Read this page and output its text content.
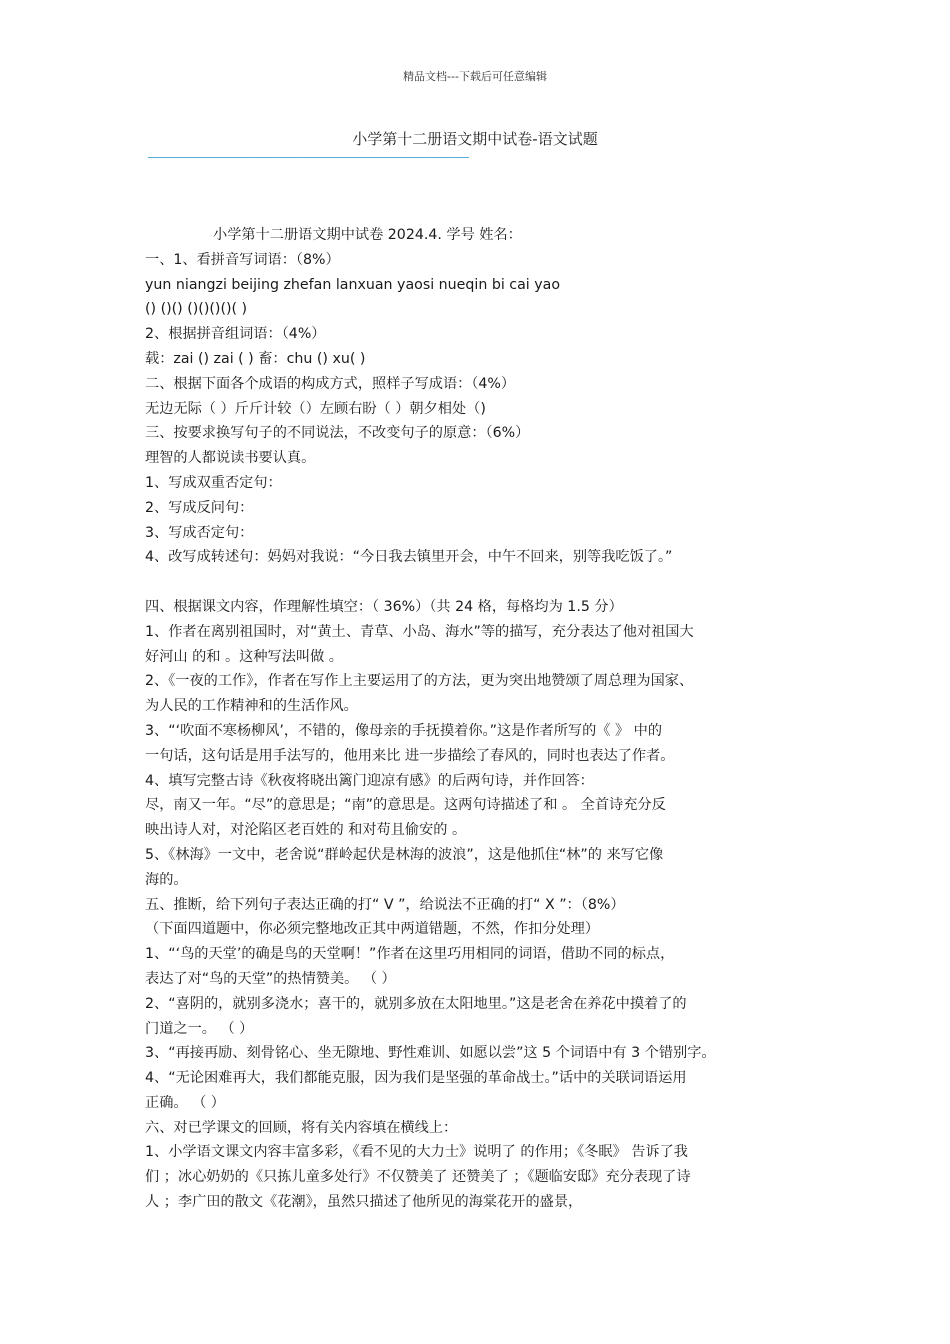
精品文档---下载后可任意编辑
小学第十二册语文期中试卷-语文试题
—————————————————————————————————————————
小学第十二册语文期中试卷 2024.4. 学号 姓名：
一、1、看拼音写词语：（8%）
yun niangzi beijing zhefan lanxuan yaosi nueqin bi cai yao
() ()() ()()()()( )
2、根据拼音组词语：（4%）
载：zai () zai ( ) 畜：chu () xu( )
二、根据下面各个成语的构成方式，照样子写成语：（4%）
无边无际（ ）斤斤计较（）左顾右盼（ ）朝夕相处（)
三、按要求换写句子的不同说法，不改变句子的原意：（6%）
理智的人都说读书要认真。
1、写成双重否定句：
2、写成反问句：
3、写成否定句：
4、改写成转述句：妈妈对我说：“今日我去镇里开会，中午不回来，别等我吃饭了。”
四、根据课文内容，作理解性填空：（ 36%）（共 24 格，每格均为 1.5 分）
1、作者在离别祖国时，对“黄土、青草、小岛、海水”等的描写，充分表达了他对祖国大
好河山 的和 。这种写法叫做 。
2、《一夜的工作》，作者在写作上主要运用了的方法，更为突出地赞颂了周总理为国家、
为人民的工作精神和的生活作风。
3、“‘吹面不寒杨柳风’，不错的，像母亲的手抚摸着你。”这是作者所写的《 》 中的
一句话，这句话是用手法写的，他用来比 进一步描绘了春风的，同时也表达了作者。
4、填写完整古诗《秋夜将晓出篱门迎凉有感》的后两句诗，并作回答：
尽，南又一年。“尽”的意思是；“南”的意思是。这两句诗描述了和 。 全首诗充分反
映出诗人对，对沦陷区老百姓的 和对苟且偷安的 。
5、《林海》一文中，老舍说“群岭起伏是林海的波浪”，这是他抓住“林”的 来写它像
海的。
五、推断，给下列句子表达正确的打“ V ”，给说法不正确的打“ X ”：（8%）
（下面四道题中，你必须完整地改正其中两道错题，不然，作扣分处理）
1、“‘鸟的天堂’的确是鸟的天堂啊！”作者在这里巧用相同的词语，借助不同的标点，
表达了对“鸟的天堂”的热情赞美。 （ ）
2、“喜阴的，就别多浇水；喜干的，就别多放在太阳地里。”这是老舍在养花中摸着了的
门道之一。 （ ）
3、“再接再励、刻骨铭心、坐无隙地、野性难训、如愿以尝”这 5 个词语中有 3 个错别字。
4、“无论困难再大，我们都能克服，因为我们是坚强的革命战士。”话中的关联词语运用
正确。 （ ）
六、对已学课文的回顾，将有关内容填在横线上：
1、小学语文课文内容丰富多彩，《看不见的大力士》说明了 的作用；《冬眠》 告诉了我
们 ；冰心奶奶的《只拣儿童多处行》不仅赞美了 还赞美了 ；《题临安邸》充分表现了诗
人 ；李广田的散文《花潮》，虽然只描述了他所见的海棠花开的盛景，
